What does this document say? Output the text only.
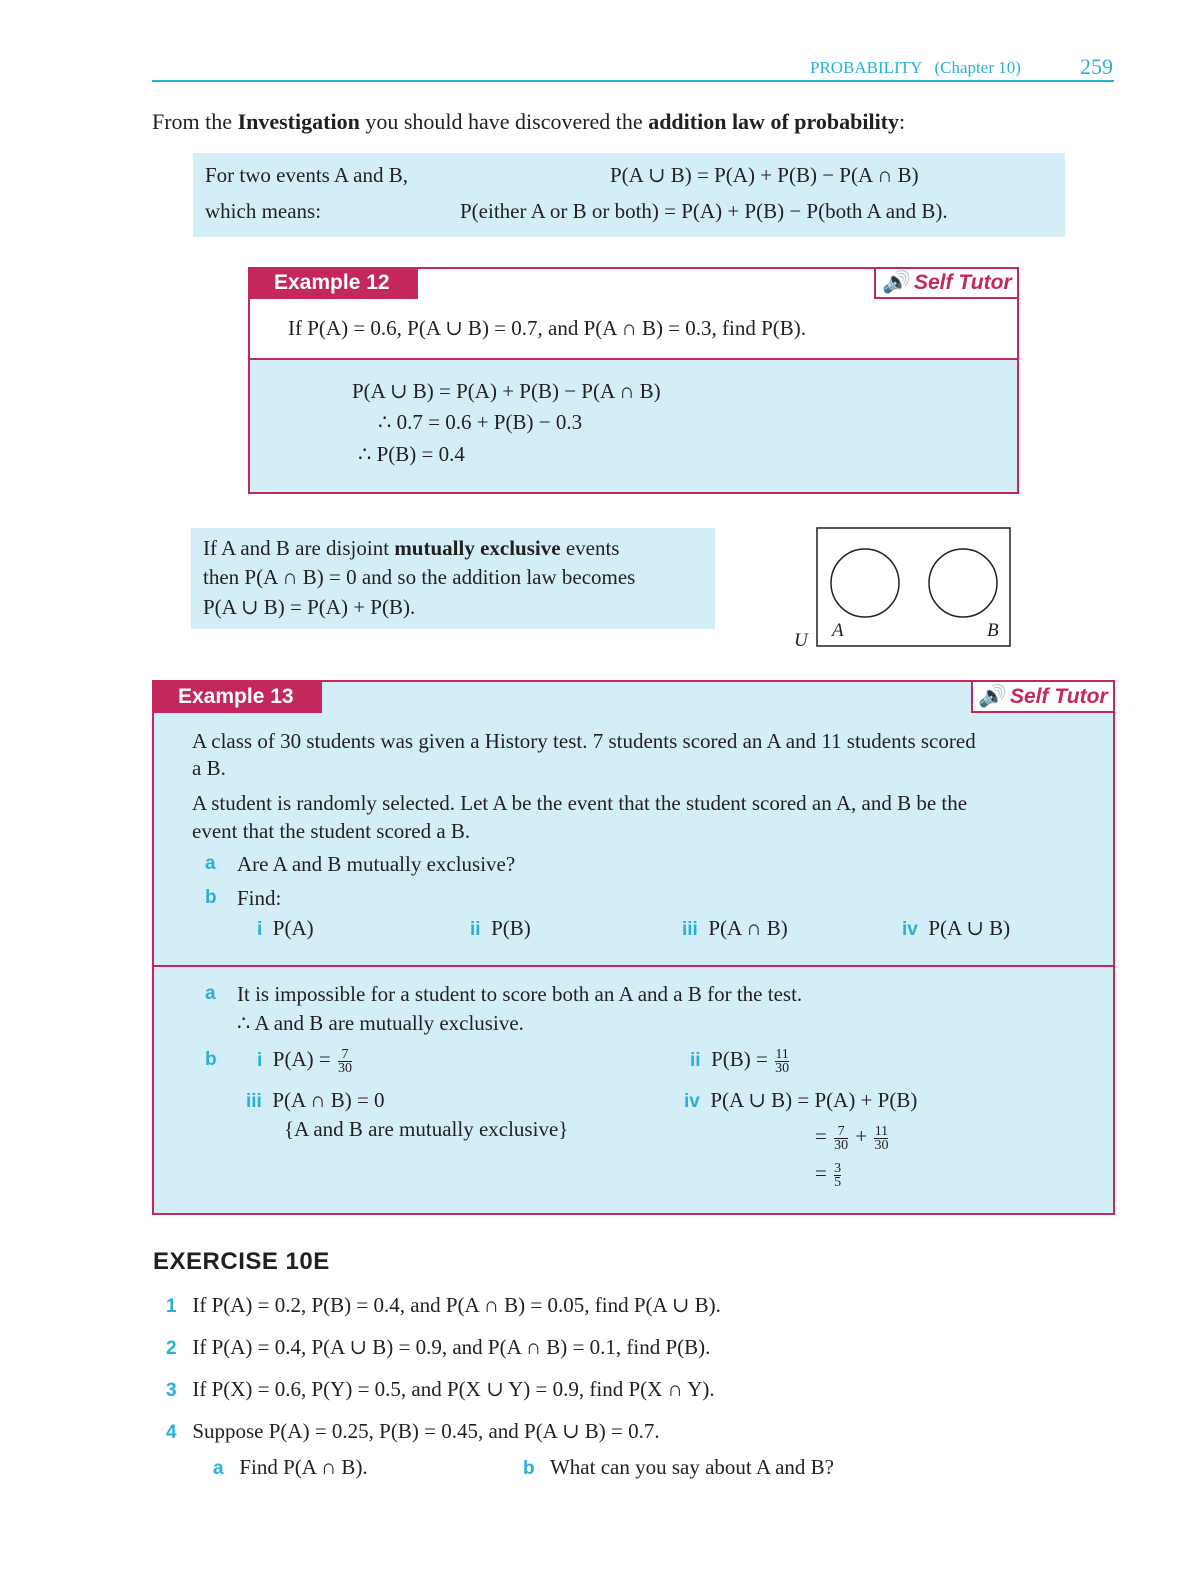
PROBABILITY (Chapter 10)	259
From the Investigation you should have discovered the addition law of probability:
For two events A and B,	P(A ∪ B) = P(A) + P(B) − P(A ∩ B)
which means:	P(either A or B or both) = P(A) + P(B) − P(both A and B).
Example 12	🔊 Self Tutor
If P(A) = 0.6, P(A ∪ B) = 0.7, and P(A ∩ B) = 0.3, find P(B).
P(A ∪ B) = P(A) + P(B) − P(A ∩ B)
∴ 0.7 = 0.6 + P(B) − 0.3
∴ P(B) = 0.4
If A and B are disjoint mutually exclusive events
then P(A ∩ B) = 0 and so the addition law becomes
P(A ∪ B) = P(A) + P(B).
U A	B
Example 13	🔊 Self Tutor
A class of 30 students was given a History test. 7 students scored an A and 11 students scored
a B.
A student is randomly selected. Let A be the event that the student scored an A, and B be the
event that the student scored a B.
a Are A and B mutually exclusive?
b Find:
i P(A)	ii P(B)	iii P(A ∩ B)	iv P(A ∪ B)
a It is impossible for a student to score both an A and a B for the test.
∴ A and B are mutually exclusive.
b i $P(A) = \frac{7}{30}$	ii $P(B) = \frac{11}{30}$
iii P(A ∩ B) = 0
{A and B are mutually exclusive}
iv P(A ∪ B) = P(A) + P(B)
= $\frac{7}{30} + \frac{11}{30}$
= $\frac{3}{5}$
EXERCISE 10E
1 If P(A) = 0.2, P(B) = 0.4, and P(A ∩ B) = 0.05, find P(A ∪ B).
2 If P(A) = 0.4, P(A ∪ B) = 0.9, and P(A ∩ B) = 0.1, find P(B).
3 If P(X) = 0.6, P(Y) = 0.5, and P(X ∪ Y) = 0.9, find P(X ∩ Y).
4 Suppose P(A) = 0.25, P(B) = 0.45, and P(A ∪ B) = 0.7.
a Find P(A ∩ B).	b What can you say about A and B?
